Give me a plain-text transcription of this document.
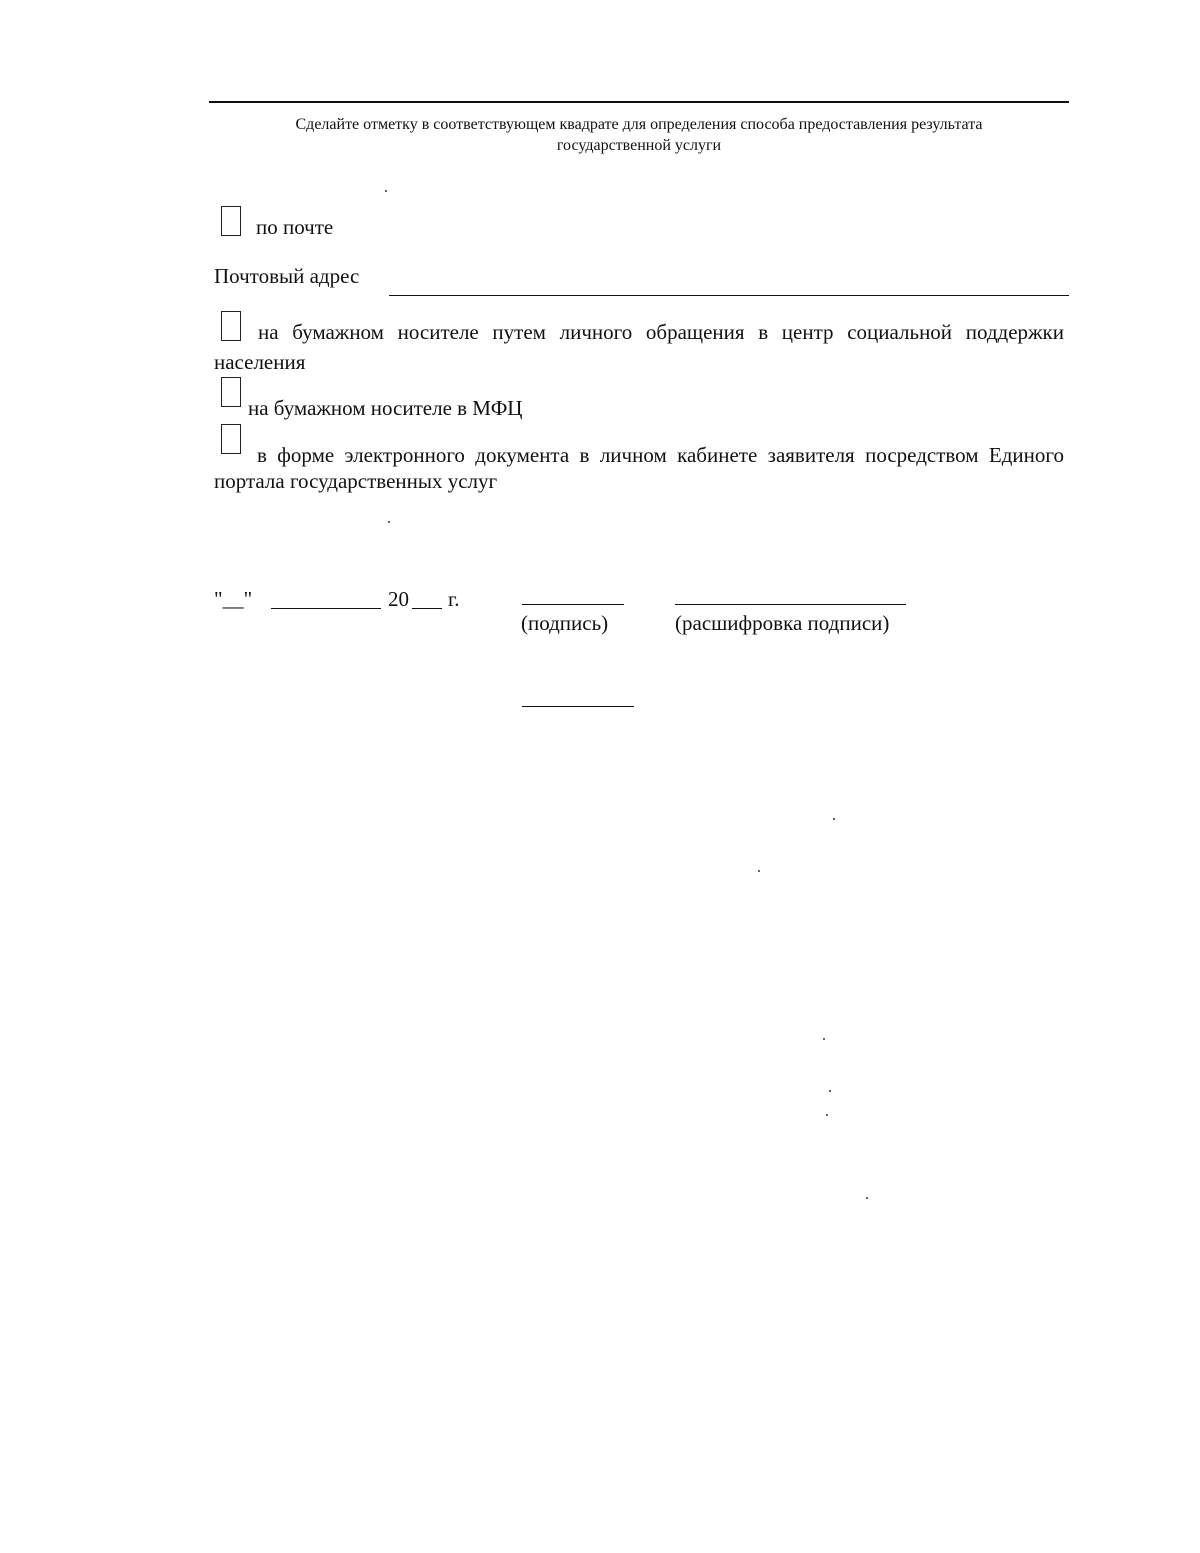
Сделайте отметку в соответствующем квадрате для определения способа предоставления результата
государственной услуги
по почте
Почтовый адрес
на бумажном носителе путем личного обращения в центр социальной поддержки
населения
на бумажном носителе в МФЦ
в форме электронного документа в личном кабинете заявителя посредством Единого
портала государственных услуг
"__"	20 г.
(подпись)	(расшифровка подписи)
